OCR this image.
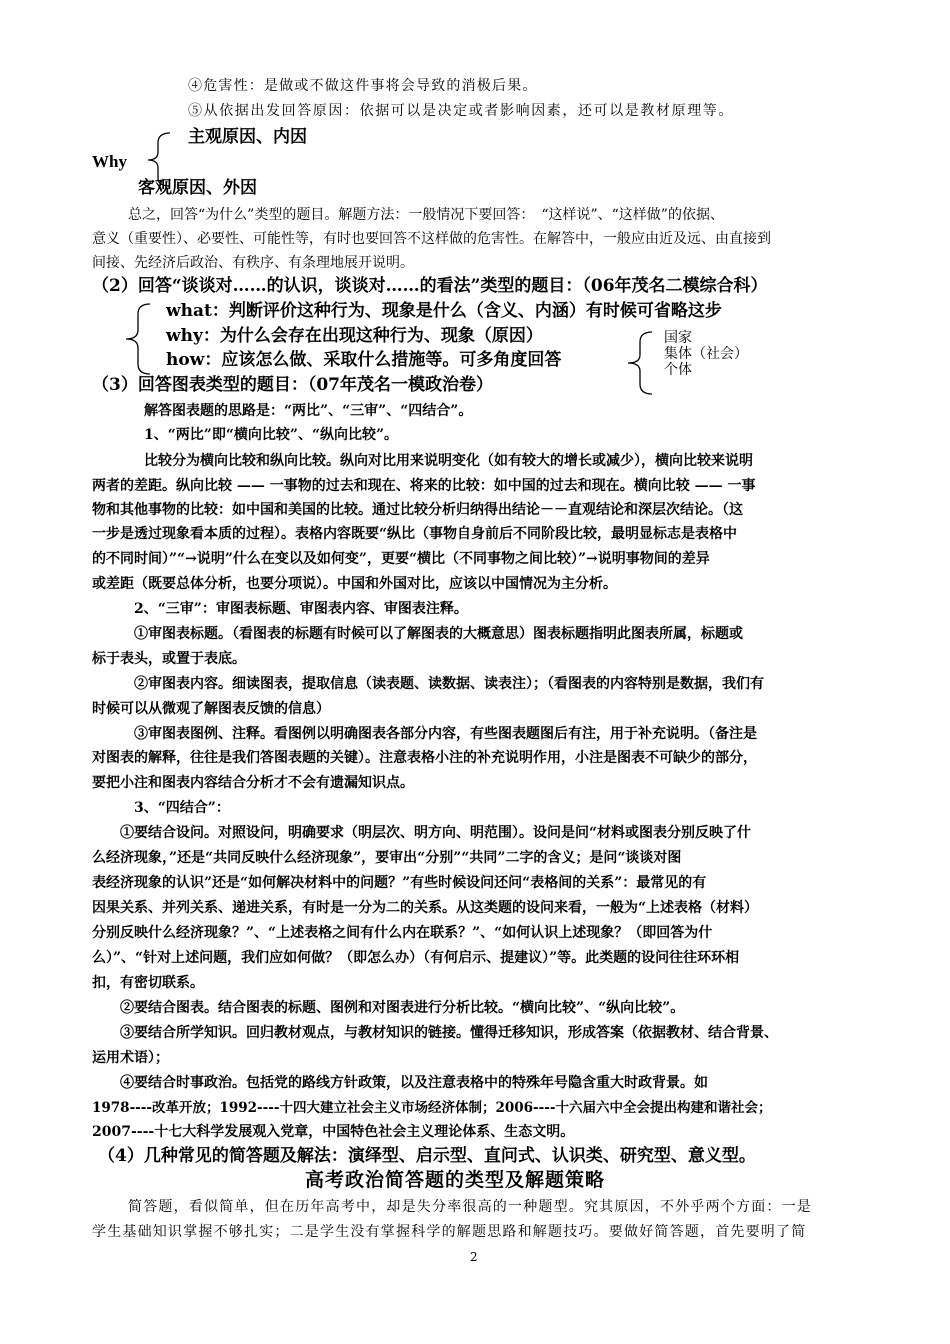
④危害性：是做或不做这件事将会导致的消极后果。
⑤从依据出发回答原因：依据可以是决定或者影响因素，还可以是教材原理等。
主观原因、内因
Why
客观原因、外因
总之，回答“为什么”类型的题目。解题方法：一般情况下要回答：　“这样说”、“这样做”的依据、
意义（重要性）、必要性、可能性等，有时也要回答不这样做的危害性。在解答中，一般应由近及远、由直接到
间接、先经济后政治、有秩序、有条理地展开说明。
（2）回答“谈谈对……的认识，谈谈对……的看法”类型的题目：（06年茂名二模综合科）
what：判断评价这种行为、现象是什么（含义、内涵）有时候可省略这步
why：为什么会存在出现这种行为、现象（原因）
how：应该怎么做、采取什么措施等。可多角度回答
国家
集体（社会）
个体
（3）回答图表类型的题目：（07年茂名一模政治卷）
解答图表题的思路是：“两比”、“三审”、“四结合”。
1、“两比”即“横向比较”、“纵向比较”。
比较分为横向比较和纵向比较。纵向对比用来说明变化（如有较大的增长或减少），横向比较来说明
两者的差距。纵向比较 —— 一事物的过去和现在、将来的比较：如中国的过去和现在。横向比较 —— 一事
物和其他事物的比较：如中国和美国的比较。通过比较分析归纳得出结论－－直观结论和深层次结论。（这
一步是透过现象看本质的过程）。表格内容既要“纵比（事物自身前后不同阶段比较，最明显标志是表格中
的不同时间）”“→说明”什么在变以及如何变”，更要“横比（不同事物之间比较）”→说明事物间的差异
或差距（既要总体分析，也要分项说）。中国和外国对比，应该以中国情况为主分析。
2、“三审”：审图表标题、审图表内容、审图表注释。
①审图表标题。（看图表的标题有时候可以了解图表的大概意思）图表标题指明此图表所属，标题或
标于表头，或置于表底。
②审图表内容。细读图表，提取信息（读表题、读数据、读表注）；（看图表的内容特别是数据，我们有
时候可以从微观了解图表反馈的信息）
③审图表图例、注释。看图例以明确图表各部分内容，有些图表题图后有注，用于补充说明。（备注是
对图表的解释，往往是我们答图表题的关键）。注意表格小注的补充说明作用，小注是图表不可缺少的部分，
要把小注和图表内容结合分析才不会有遗漏知识点。
3、“四结合”：
①要结合设问。对照设问，明确要求（明层次、明方向、明范围）。设问是问“材料或图表分别反映了什
么经济现象，”还是“共同反映什么经济现象”，要审出“分别”“共同”二字的含义；是问“谈谈对图
表经济现象的认识”还是“如何解决材料中的问题？”有些时候设问还问“表格间的关系”：最常见的有
因果关系、并列关系、递进关系，有时是一分为二的关系。从这类题的设问来看，一般为“上述表格（材料）
分别反映什么经济现象？”、“上述表格之间有什么内在联系？”、“如何认识上述现象？（即回答为什
么）”、“针对上述问题，我们应如何做？（即怎么办）（有何启示、提建议）”等。此类题的设问往往环环相
扣，有密切联系。
②要结合图表。结合图表的标题、图例和对图表进行分析比较。“横向比较”、“纵向比较”。
③要结合所学知识。回归教材观点，与教材知识的链接。懂得迁移知识，形成答案（依据教材、结合背景、
运用术语）；
④要结合时事政治。包括党的路线方针政策，以及注意表格中的特殊年号隐含重大时政背景。如
1978----改革开放；1992----十四大建立社会主义市场经济体制；2006----十六届六中全会提出构建和谐社会；
2007----十七大科学发展观入党章，中国特色社会主义理论体系、生态文明。
（4）几种常见的简答题及解法：演绎型、启示型、直问式、认识类、研究型、意义型。
高考政治简答题的类型及解题策略
简答题，看似简单，但在历年高考中，却是失分率很高的一种题型。究其原因，不外乎两个方面：一是
学生基础知识掌握不够扎实；二是学生没有掌握科学的解题思路和解题技巧。要做好简答题，首先要明了简
2
